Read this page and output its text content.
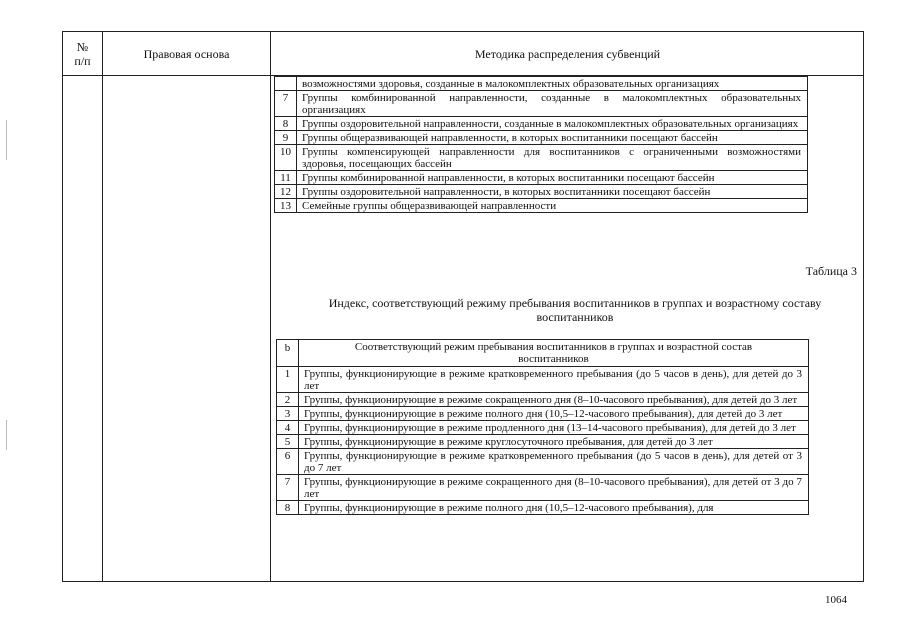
№
п/п	Правовая основа	Методика распределения субвенций
возможностями здоровья, созданные в малокомплектных образовательных организациях
7	Группы комбинированной направленности, созданные в малокомплектных образовательных организациях
8	Группы оздоровительной направленности, созданные в малокомплектных образовательных организациях
9	Группы общеразвивающей направленности, в которых воспитанники посещают бассейн
10	Группы компенсирующей направленности для воспитанников с ограниченными возможностями здоровья, посещающих бассейн
11	Группы комбинированной направленности, в которых воспитанники посещают бассейн
12	Группы оздоровительной направленности, в которых воспитанники посещают бассейн
13	Семейные группы общеразвивающей направленности
Таблица 3
Индекс, соответствующий режиму пребывания воспитанников в группах и возрастному составу воспитанников
b	Соответствующий режим пребывания воспитанников в группах и возрастной состав воспитанников
1	Группы, функционирующие в режиме кратковременного пребывания (до 5 часов в день), для детей до 3 лет
2	Группы, функционирующие в режиме сокращенного дня (8–10-часового пребывания), для детей до 3 лет
3	Группы, функционирующие в режиме полного дня (10,5–12-часового пребывания), для детей до 3 лет
4	Группы, функционирующие в режиме продленного дня (13–14-часового пребывания), для детей до 3 лет
5	Группы, функционирующие в режиме круглосуточного пребывания, для детей до 3 лет
6	Группы, функционирующие в режиме кратковременного пребывания (до 5 часов в день), для детей от 3 до 7 лет
7	Группы, функционирующие в режиме сокращенного дня (8–10-часового пребывания), для детей от 3 до 7 лет
8	Группы, функционирующие в режиме полного дня (10,5–12-часового пребывания), для
1064
